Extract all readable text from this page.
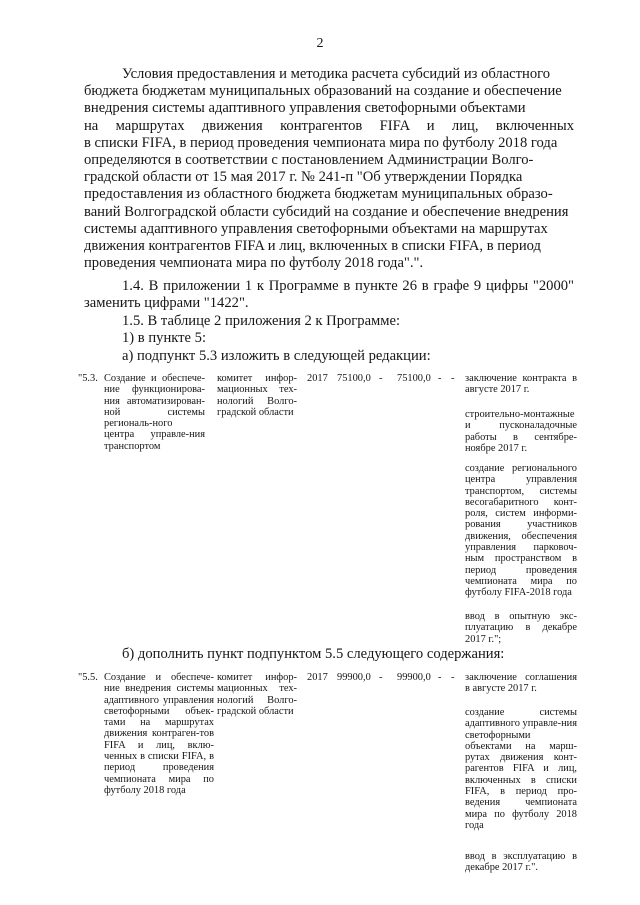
2

Условия предоставления и методика расчета субсидий из областного

бюджета бюджетам муниципальных образований на создание и обеспечение

внедрения системы адаптивного управления светофорными объектами

на маршрутах движения контрагентов FIFA и лиц, включенных

в списки FIFA, в период проведения чемпионата мира по футболу 2018 года

определяются в соответствии с постановлением Администрации Волго-

градской области от 15 мая 2017 г. № 241-п "Об утверждении Порядка

предоставления из областного бюджета бюджетам муниципальных образо-

ваний Волгоградской области субсидий на создание и обеспечение внедрения

системы адаптивного управления светофорными объектами на маршрутах

движения контрагентов FIFA и лиц, включенных в списки FIFA, в период

проведения чемпионата мира по футболу 2018 года".".

1.4. В приложении 1 к Программе в пункте 26 в графе 9 цифры "2000" заменить цифрами "1422".

1.5. В таблице 2 приложения 2 к Программе:
1) в пункте 5:
а) подпункт 5.3 изложить в следующей редакции:
"5.3.	2017 75100,0 - 75100,0 - -
Создание и обеспече-ние функционирова-ния автоматизирован-ной системы региональ-ного центра управле-ния транспортом
комитет инфор-мационных тех-нологий Волго-градской области
заключение контракта в августе 2017 г.
строительно-монтажные и пусконаладочные работы в сентябре-ноябре 2017 г.
создание регионального центра управления транспортом, системы весогабаритного конт-роля, систем информи-рования участников движения, обеспечения управления парковоч-ным пространством в период проведения чемпионата мира по футболу FIFA-2018 года
ввод в опытную экс-плуатацию в декабре 2017 г.";
б) дополнить пункт подпунктом 5.5 следующего содержания:
"5.5.	2017 99900,0 - 99900,0 - -
Создание и обеспече-ние внедрения системы адаптивного управления светофорными объек-тами на маршрутах движения контраген-тов FIFA и лиц, вклю-ченных в списки FIFA, в период проведения чемпионата мира по футболу 2018 года
комитет инфор-мационных тех-нологий Волго-градской области
заключение соглашения в августе 2017 г.
создание системы адаптивного управле-ния светофорными объектами на марш-рутах движения конт-рагентов FIFA и лиц, включенных в списки FIFA, в период про-ведения чемпионата мира по футболу 2018 года
ввод в эксплуатацию в декабре 2017 г.".
